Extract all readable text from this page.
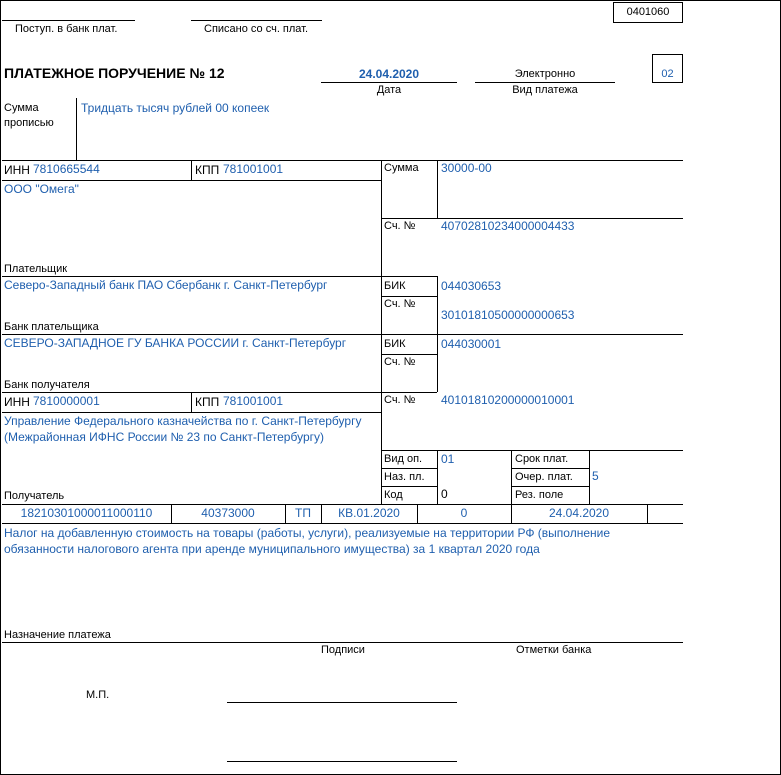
0401060
Поступ. в банк плат.	Списано со сч. плат.
ПЛАТЕЖНОЕ ПОРУЧЕНИЕ № 12	24.04.2020
Дата
Электронно
Вид платежа
02
Сумма
прописью
Тридцать тысяч рублей 00 копеек
ИНН 7810665544	КПП 781001001
ООО "Омега"
Плательщик
Северо-Западный банк ПАО Сбербанк г. Санкт-Петербург
Банк плательщика
Сумма 30000-00
Сч. № 40702810234000004433
БИК	044030653
Сч. №
30101810500000000653
БИК	044030001
Сч. №
Сч. № 40101810200000010001
СЕВЕРО-ЗАПАДНОЕ ГУ БАНКА РОССИИ г. Санкт-Петербург
Банк получателя
ИНН 7810000001	КПП 781001001
Управление Федерального казначейства по г. Санкт-Петербургу
(Межрайонная ИФНС России № 23 по Санкт-Петербургу)
Получатель
Вид оп. 01
Наз. пл.
Код	0
Срок плат.
Очер. плат. 5
Рез. поле
18210301000011000110	40373000	ТП	КВ.01.2020	0	24.04.2020
Налог на добавленную стоимость на товары (работы, услуги), реализуемые на территории РФ (выполнение
обязанности налогового агента при аренде муниципального имущества) за 1 квартал 2020 года
Назначение платежа
Подписи	Отметки банка
М.П.
